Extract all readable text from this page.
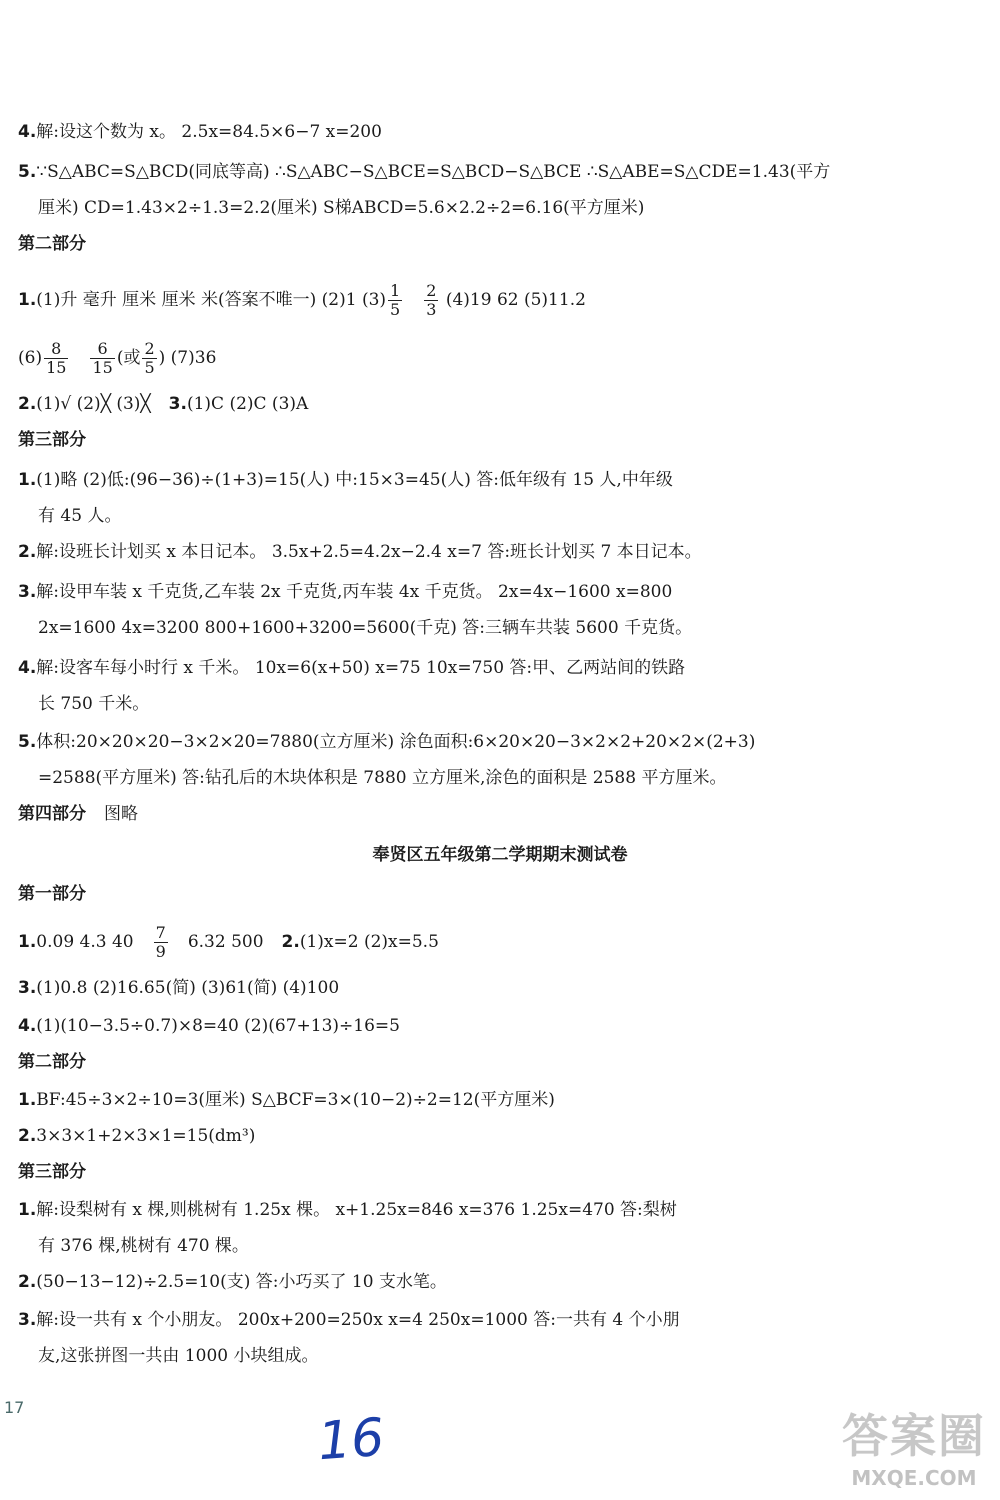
4.解:设这个数为 x。 2.5x=84.5×6−7 x=200
5.∵S△ABC=S△BCD(同底等高) ∴S△ABC−S△BCE=S△BCD−S△BCE ∴S△ABE=S△CDE=1.43(平方
厘米) CD=1.43×2÷1.3=2.2(厘米) S梯ABCD=5.6×2.2÷2=6.16(平方厘米)
第二部分
1.(1)升 毫升 厘米 厘米 米(答案不唯一) (2)1 $(3) \frac{1}{5} \frac{2}{3} (4)19$ 62 (5)11.2
$(6) \frac{8}{15} \frac{6}{15}$ (或 $\frac{2}{5}$ ) (7)36
2.(1)√ (2)╳ (3)╳ 3.(1)C (2)C (3)A
第三部分
1.(1)略 (2)低:(96−36)÷(1+3)=15(人) 中:15×3=45(人) 答:低年级有 15 人,中年级
有 45 人。
2.解:设班长计划买 x 本日记本。 3.5x+2.5=4.2x−2.4 x=7 答:班长计划买 7 本日记本。
3.解:设甲车装 x 千克货,乙车装 2x 千克货,丙车装 4x 千克货。 2x=4x−1600 x=800
2x=1600 4x=3200 800+1600+3200=5600(千克) 答:三辆车共装 5600 千克货。
4.解:设客车每小时行 x 千米。 10x=6(x+50) x=75 10x=750 答:甲、乙两站间的铁路
长 750 千米。
5.体积:20×20×20−3×2×20=7880(立方厘米) 涂色面积:6×20×20−3×2×2+20×2×(2+3)
=2588(平方厘米) 答:钻孔后的木块体积是 7880 立方厘米,涂色的面积是 2588 平方厘米。
第四部分 图略
奉贤区五年级第二学期期末测试卷
第一部分
1.0.09 4.3 $40 \frac{7}{9} 6.32$ 500 2.(1)x=2 (2)x=5.5
3.(1)0.8 (2)16.65(简) (3)61(简) (4)100
4.(1)(10−3.5÷0.7)×8=40 (2)(67+13)÷16=5
第二部分
1.BF:45÷3×2÷10=3(厘米) S△BCF=3×(10−2)÷2=12(平方厘米)
2.3×3×1+2×3×1=15(dm³)
第三部分
1.解:设梨树有 x 棵,则桃树有 1.25x 棵。 x+1.25x=846 x=376 1.25x=470 答:梨树
有 376 棵,桃树有 470 棵。
2.(50−13−12)÷2.5=10(支) 答:小巧买了 10 支水笔。
3.解:设一共有 x 个小朋友。 200x+200=250x x=4 250x=1000 答:一共有 4 个小朋
友,这张拼图一共由 1000 小块组成。
17
16	答案圈
MXQE.COM
